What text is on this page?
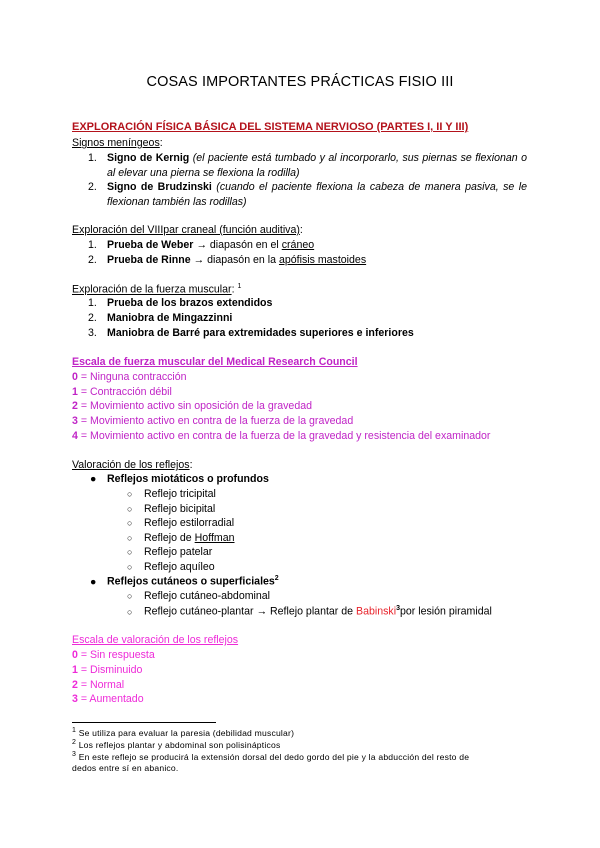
COSAS IMPORTANTES PRÁCTICAS FISIO III
EXPLORACIÓN FÍSICA BÁSICA DEL SISTEMA NERVIOSO (PARTES I, II Y III)
Signos meníngeos:
1. Signo de Kernig (el paciente está tumbado y al incorporarlo, sus piernas se flexionan o al elevar una pierna se flexiona la rodilla)
2. Signo de Brudzinski (cuando el paciente flexiona la cabeza de manera pasiva, se le flexionan también las rodillas)
Exploración del VIIIpar craneal (función auditiva):
1. Prueba de Weber → diapasón en el cráneo
2. Prueba de Rinne → diapasón en la apófisis mastoides
Exploración de la fuerza muscular: $^1$
1. Prueba de los brazos extendidos
2. Maniobra de Mingazzinni
3. Maniobra de Barré para extremidades superiores e inferiores
Escala de fuerza muscular del Medical Research Council
0 = Ninguna contracción
1 = Contracción débil
2 = Movimiento activo sin oposición de la gravedad
3 = Movimiento activo en contra de la fuerza de la gravedad
4 = Movimiento activo en contra de la fuerza de la gravedad y resistencia del examinador
Valoración de los reflejos:
● Reflejos miotáticos o profundos
○ Reflejo tricipital
○ Reflejo bicipital
○ Reflejo estilorradial
○ Reflejo de Hoffman
○ Reflejo patelar
○ Reflejo aquíleo
● Reflejos cutáneos o superficiales$^2$
○ Reflejo cutáneo-abdominal
○ Reflejo cutáneo-plantar → Reflejo plantar de Babinski$^3$por lesión piramidal
Escala de valoración de los reflejos
0 = Sin respuesta
1 = Disminuido
2 = Normal
3 = Aumentado
$^1$ Se utiliza para evaluar la paresia (debilidad muscular)
$^2$ Los reflejos plantar y abdominal son polisinápticos
$^3$ En este reflejo se producirá la extensión dorsal del dedo gordo del pie y la abducción del resto de
dedos entre sí en abanico.
